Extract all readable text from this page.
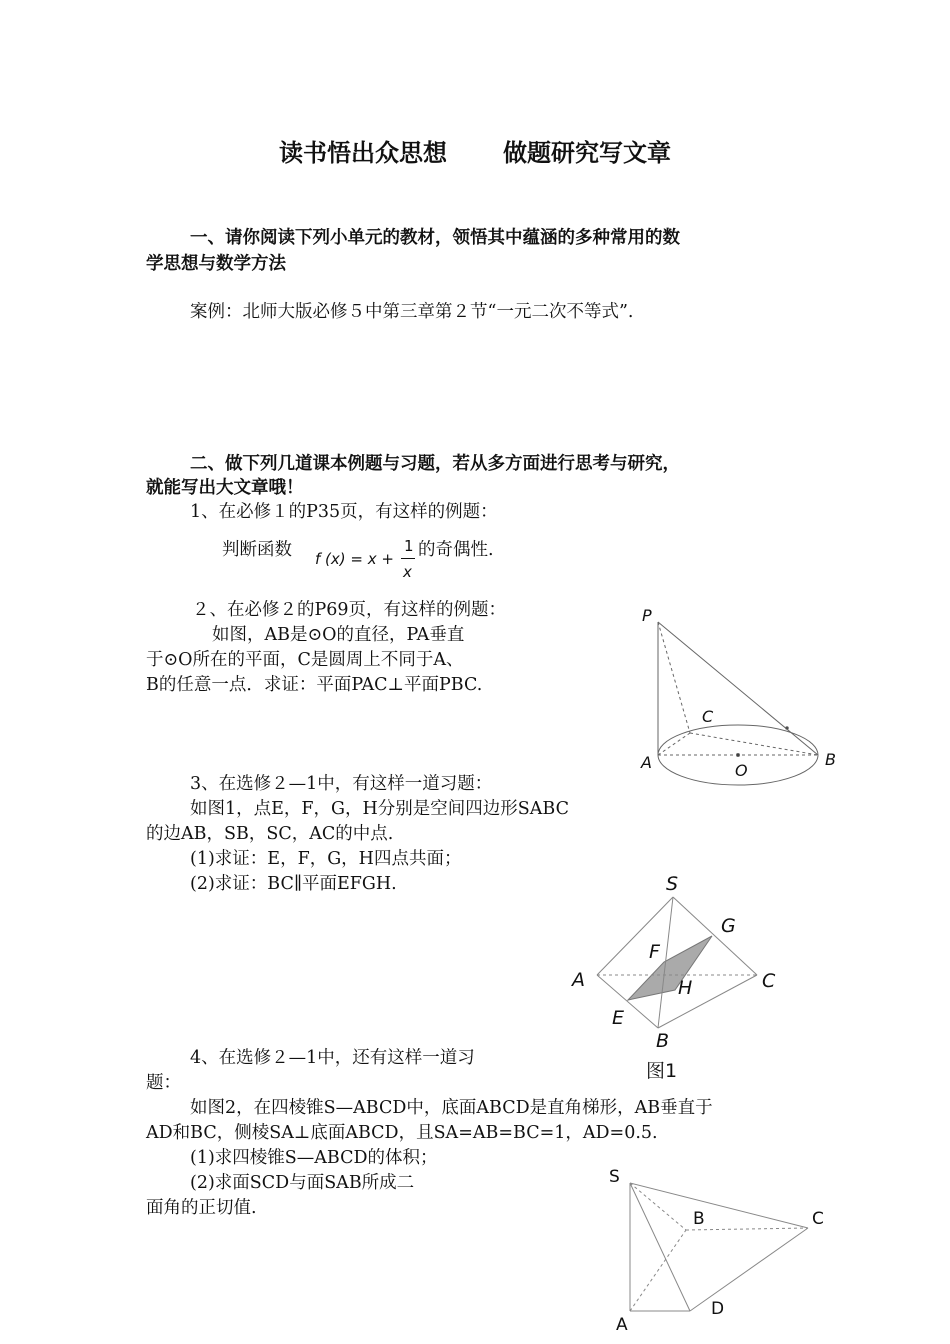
读书悟出众思想 做题研究写文章
一、请你阅读下列小单元的教材，领悟其中蕴涵的多种常用的数
学思想与数学方法
案例：北师大版必修５中第三章第２节“一元二次不等式”.
二、做下列几道课本例题与习题，若从多方面进行思考与研究，
就能写出大文章哦！
1、在必修１的P35页，有这样的例题：
判断函数 f (x) = x +
1
x
的奇偶性.
２、在必修２的P69页，有这样的例题：
如图，AB是⊙O的直径，PA垂直
于⊙O所在的平面，C是圆周上不同于A、
B的任意一点．求证：平面PAC⊥平面PBC.
3、在选修２—1中，有这样一道习题：
如图1，点E，F，G，H分别是空间四边形SABC
的边AB，SB，SC，AC的中点.
(1)求证：E，F，G，H四点共面；
(2)求证：BC∥平面EFGH.
4、在选修２—1中，还有这样一道习
题：
如图2，在四棱锥S—ABCD中，底面ABCD是直角梯形，AB垂直于
AD和BC，侧棱SA⊥底面ABCD，且SA=AB=BC=1，AD=0.5.
(1)求四棱锥S—ABCD的体积；
(2)求面SCD与面SAB所成二
面角的正切值.
P
C
A	O
B
S
G
F
A	C
H
E
B
图1
S
B	C
A
D
